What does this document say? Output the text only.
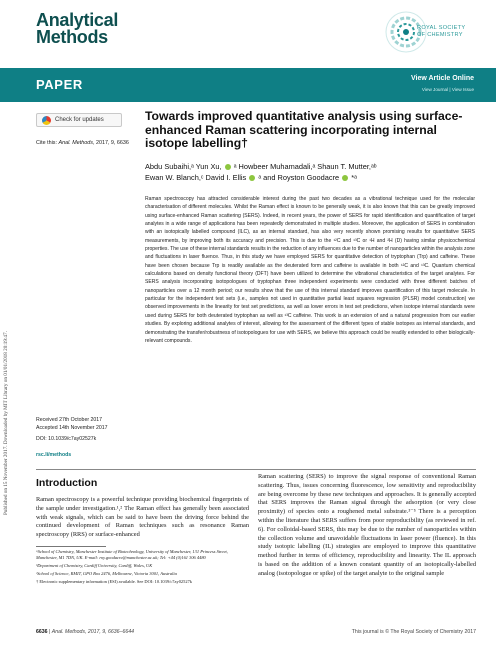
Analytical
Methods	ROYAL SOCIETY
OF CHEMISTRY
PAPER	View Article Online
View Journal | View Issue
Published on 15 November 2017. Downloaded by MIT Library on 01/01/2018 20:19:47.
Check for updates
Cite this: Anal. Methods, 2017, 9, 6636
Towards improved quantitative analysis using surface-enhanced Raman scattering incorporating internal isotope labelling†
Abdu Subaihi,ᵃ Yun Xu, ᵃ Howbeer Muhamadali,ᵃ Shaun T. Mutter,ᵃᵇ
Ewan W. Blanch,ᶜ David I. Ellis ᵃ and Royston Goodacre *ᵃ

Raman spectroscopy has attracted considerable interest during the past two decades as a vibrational technique used for the molecular characterisation of different molecules. Whilst the Raman effect is known to be generally weak, it is also known that this can be greatly improved using surface-enhanced Raman scattering (SERS). Indeed, in recent years, the power of SERS for rapid identification and quantification of target analytes in a wide range of applications has been repeatedly demonstrated in multiple studies. Moreover, the application of SERS in combination with an isotopically labelled compound (ILC), as an internal standard, has also very recently shown promising results for quantitative SERS measurements, by improving both its accuracy and precision. This is due to the ¹²C and ¹³C or ¹H and ²H (D) having similar physicochemical properties. The use of these internal standards results in the reduction of any influences due to the number of nanoparticles within the analysis zone and fluctuations in laser fluence. Thus, in this study we have employed SERS for quantitative detection of tryptophan (Trp) and caffeine. These have been chosen because Trp is readily available as the deuterated form and caffeine is available in both ¹²C and ¹³C. Quantum chemical calculations based on density functional theory (DFT) have been utilized to determine the vibrational characteristics of the target analytes. For SERS analysis incorporating isotopologues of tryptophan three independent experiments were conducted with three different batches of nanoparticles over a 12 month period; our results show that the use of this internal standard improves quantification of this target molecule. In particular for the independent test sets (i.e., samples not used in quantitative partial least squares regression (PLSR) model construction) we observed improvements in the linearity for test set predictions, as well as lower errors in test set predictions, when isotope internal standards were used during SERS for both deuterated tryptophan as well as ¹³C caffeine. This work is an extension of and a natural progression from our earlier studies. By exploring additional analytes of interest, allowing for the assessment of the different types of stable isotopes as internal standards, and demonstrating the transfer/robustness of isotopologues for use with SERS, we believe this approach could be readily extended to other biologically-relevant compounds.

Received 27th October 2017
Accepted 14th November 2017
DOI: 10.1039/c7ay02527k
rsc.li/methods
Introduction

Raman spectroscopy is a powerful technique providing biochemical fingerprints of the sample under investigation.¹,² The Raman effect has generally been associated with weak signals, which can be said to have been the driving force behind the continued development of Raman techniques such as resonance Raman spectroscopy (RRS) or surface-enhanced

ᵃSchool of Chemistry, Manchester Institute of Biotechnology, University of Manchester, 131 Princess Street, Manchester, M1 7DN, UK. E-mail: roy.goodacre@manchester.ac.uk; Tel: +44 (0)161 306 4480
ᵇDepartment of Chemistry, Cardiff University, Cardiff, Wales, UK
ᶜSchool of Science, RMIT, GPO Box 2476, Melbourne, Victoria 3001, Australia
† Electronic supplementary information (ESI) available. See DOI: 10.1039/c7ay02527k

Raman scattering (SERS) to improve the signal response of conventional Raman scattering. Thus, issues concerning fluorescence, low sensitivity and reproducibility are being overcome by these new techniques and approaches. It is generally accepted that SERS improves the Raman signal through the adsorption (or very close proximity) of species onto a roughened metal substrate.³⁻⁵ There is a perception within the literature that SERS suffers from poor reproducibility (as reviewed in ref. 6). For colloidal-based SERS, this may be due to the number of nanoparticles within the collection volume and unavoidable fluctuations in laser power (fluence). In this study isotopic labelling (IL) strategies are employed to improve this quantitative method further in terms of efficiency, reproducibility and linearity. The IL approach is based on the addition of a known constant quantity of an isotopically-labelled analog (isotopologue or spike) of the target analyte to the original sample

6636 | Anal. Methods, 2017, 9, 6636–6644	This journal is © The Royal Society of Chemistry 2017
